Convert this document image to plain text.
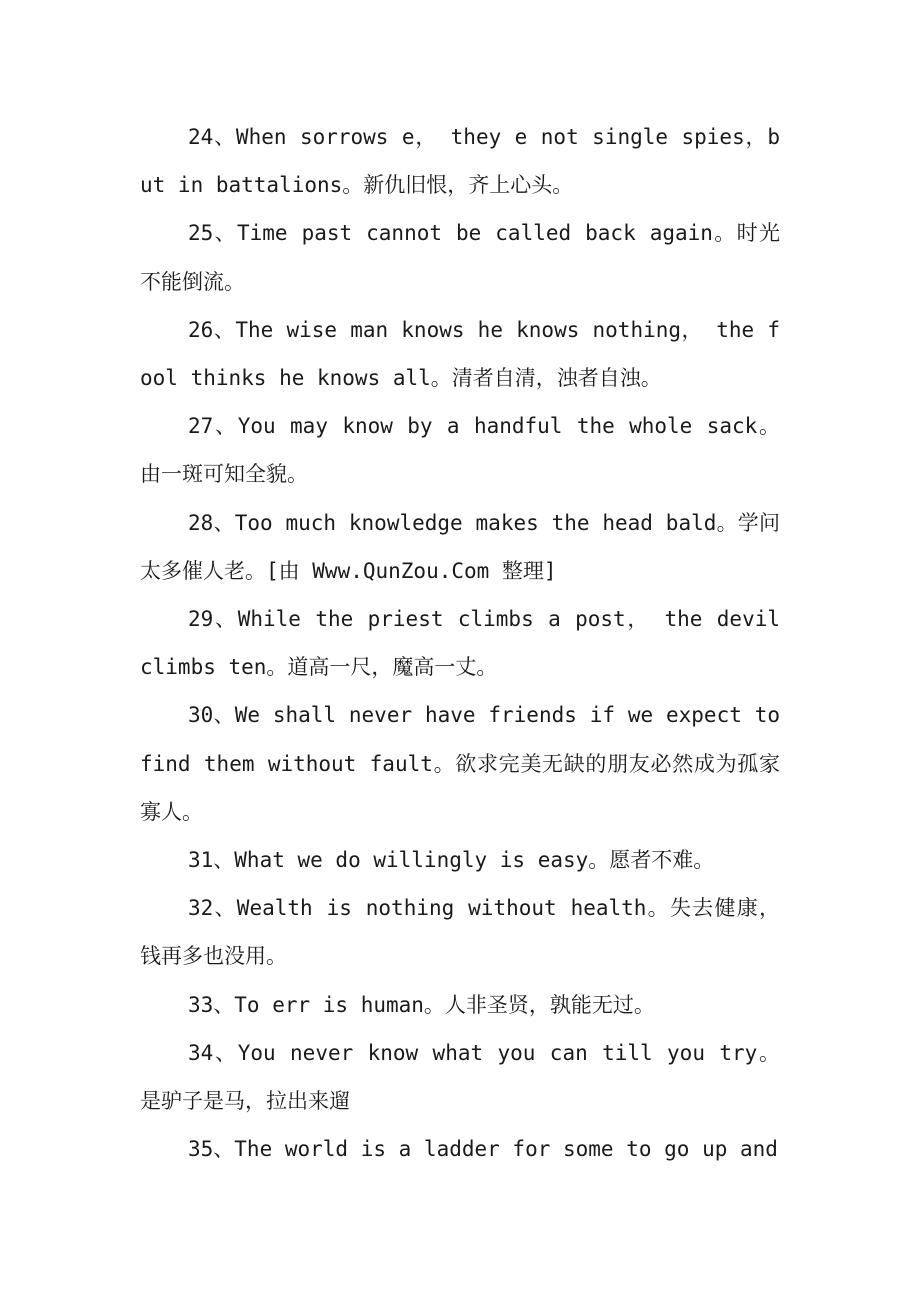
24、When sorrows e， they e not single spies，but in battalions。新仇旧恨，齐上心头。

25、Time past cannot be called back again。时光不能倒流。

26、The wise man knows he knows nothing， the fool thinks he knows all。清者自清，浊者自浊。

27、You may know by a handful the whole sack。由一斑可知全貌。

28、Too much knowledge makes the head bald。学问太多催人老。[由 Www.QunZou.Com 整理]

29、While the priest climbs a post， the devil climbs ten。道高一尺，魔高一丈。

30、We shall never have friends if we expect to find them without fault。欲求完美无缺的朋友必然成为孤家寡人。

31、What we do willingly is easy。愿者不难。

32、Wealth is nothing without health。失去健康，钱再多也没用。

33、To err is human。人非圣贤，孰能无过。

34、You never know what you can till you try。是驴子是马，拉出来遛

35、The world is a ladder for some to go up and
